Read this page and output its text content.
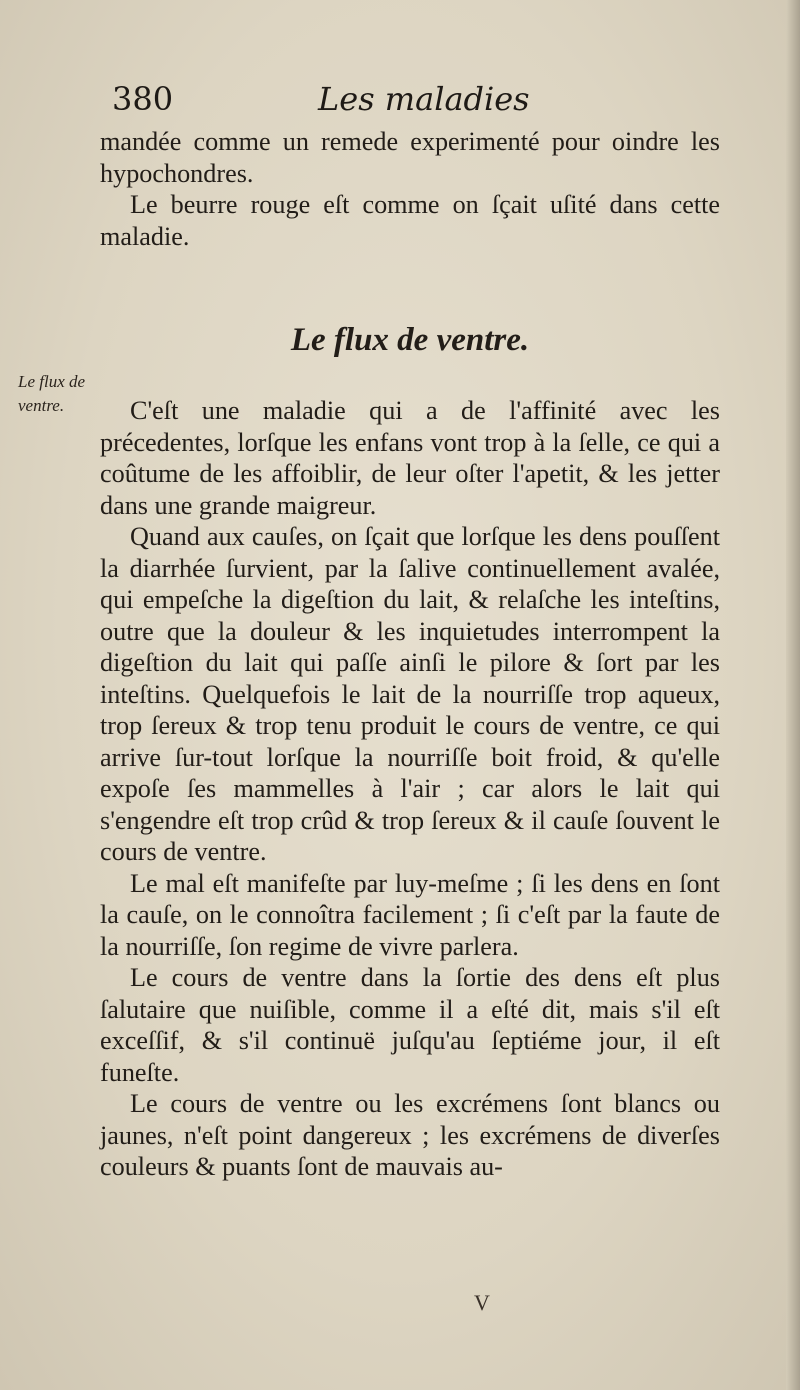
380	Les maladies
Le flux de ventre.

mandée comme un remede experimenté pour oindre les hypochondres.

Le beurre rouge eſt comme on ſçait uſité dans cette maladie.

Le flux de ventre.

C'eſt une maladie qui a de l'affinité avec les précedentes, lorſque les enfans vont trop à la ſelle, ce qui a coûtume de les affoiblir, de leur oſter l'apetit, & les jetter dans une grande maigreur.

Quand aux cauſes, on ſçait que lorſque les dens pouſſent la diarrhée ſurvient, par la ſalive continuellement avalée, qui empeſche la digeſtion du lait, & relaſche les inteſtins, outre que la douleur & les inquietudes interrompent la digeſtion du lait qui paſſe ainſi le pilore & ſort par les inteſtins. Quelquefois le lait de la nourriſſe trop aqueux, trop ſereux & trop tenu produit le cours de ventre, ce qui arrive ſur-tout lorſque la nourriſſe boit froid, & qu'elle expoſe ſes mammelles à l'air ; car alors le lait qui s'engendre eſt trop crûd & trop ſereux & il cauſe ſouvent le cours de ventre.

Le mal eſt manifeſte par luy-meſme ; ſi les dens en ſont la cauſe, on le connoîtra facilement ; ſi c'eſt par la faute de la nourriſſe, ſon regime de vivre parlera.

Le cours de ventre dans la ſortie des dens eſt plus ſalutaire que nuiſible, comme il a eſté dit, mais s'il eſt exceſſif, & s'il continuë juſqu'au ſeptiéme jour, il eſt funeſte.

Le cours de ventre ou les excrémens ſont blancs ou jaunes, n'eſt point dangereux ; les excrémens de diverſes couleurs & puants ſont de mauvais au-

V
